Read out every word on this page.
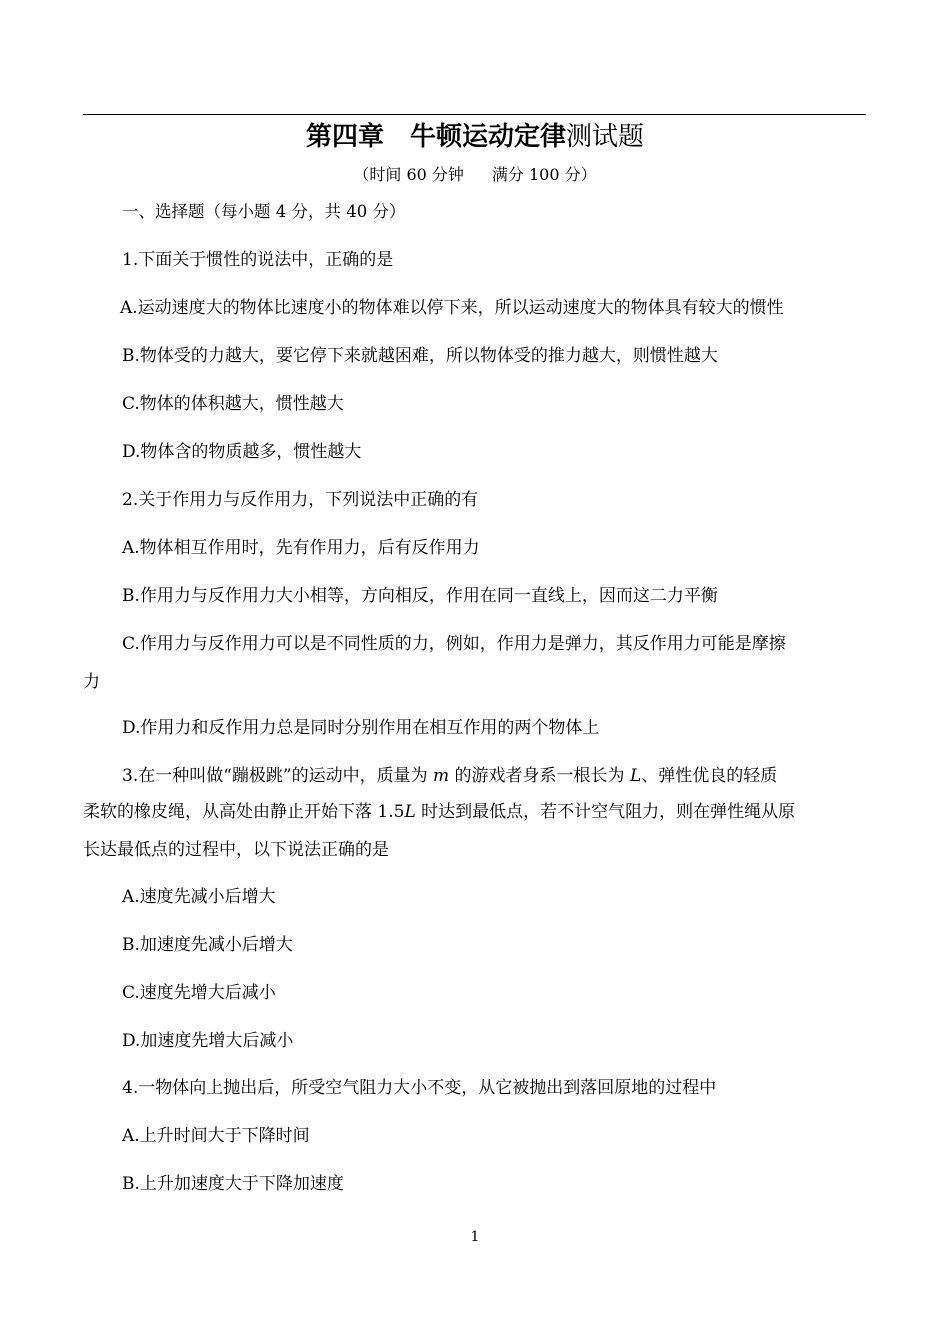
第四章　牛顿运动定律测试题
（时间 60 分钟 满分 100 分）
一、选择题（每小题 4 分，共 40 分）
1.下面关于惯性的说法中，正确的是
A.运动速度大的物体比速度小的物体难以停下来，所以运动速度大的物体具有较大的惯性
B.物体受的力越大，要它停下来就越困难，所以物体受的推力越大，则惯性越大
C.物体的体积越大，惯性越大
D.物体含的物质越多，惯性越大
2.关于作用力与反作用力，下列说法中正确的有
A.物体相互作用时，先有作用力，后有反作用力
B.作用力与反作用力大小相等，方向相反，作用在同一直线上，因而这二力平衡
C.作用力与反作用力可以是不同性质的力，例如，作用力是弹力，其反作用力可能是摩擦
力
D.作用力和反作用力总是同时分别作用在相互作用的两个物体上
3.在一种叫做“蹦极跳”的运动中，质量为 m 的游戏者身系一根长为 L、弹性优良的轻质
柔软的橡皮绳，从高处由静止开始下落 1.5L 时达到最低点，若不计空气阻力，则在弹性绳从原
长达最低点的过程中，以下说法正确的是
A.速度先减小后增大
B.加速度先减小后增大
C.速度先增大后减小
D.加速度先增大后减小
4.一物体向上抛出后，所受空气阻力大小不变，从它被抛出到落回原地的过程中
A.上升时间大于下降时间
B.上升加速度大于下降加速度
1
